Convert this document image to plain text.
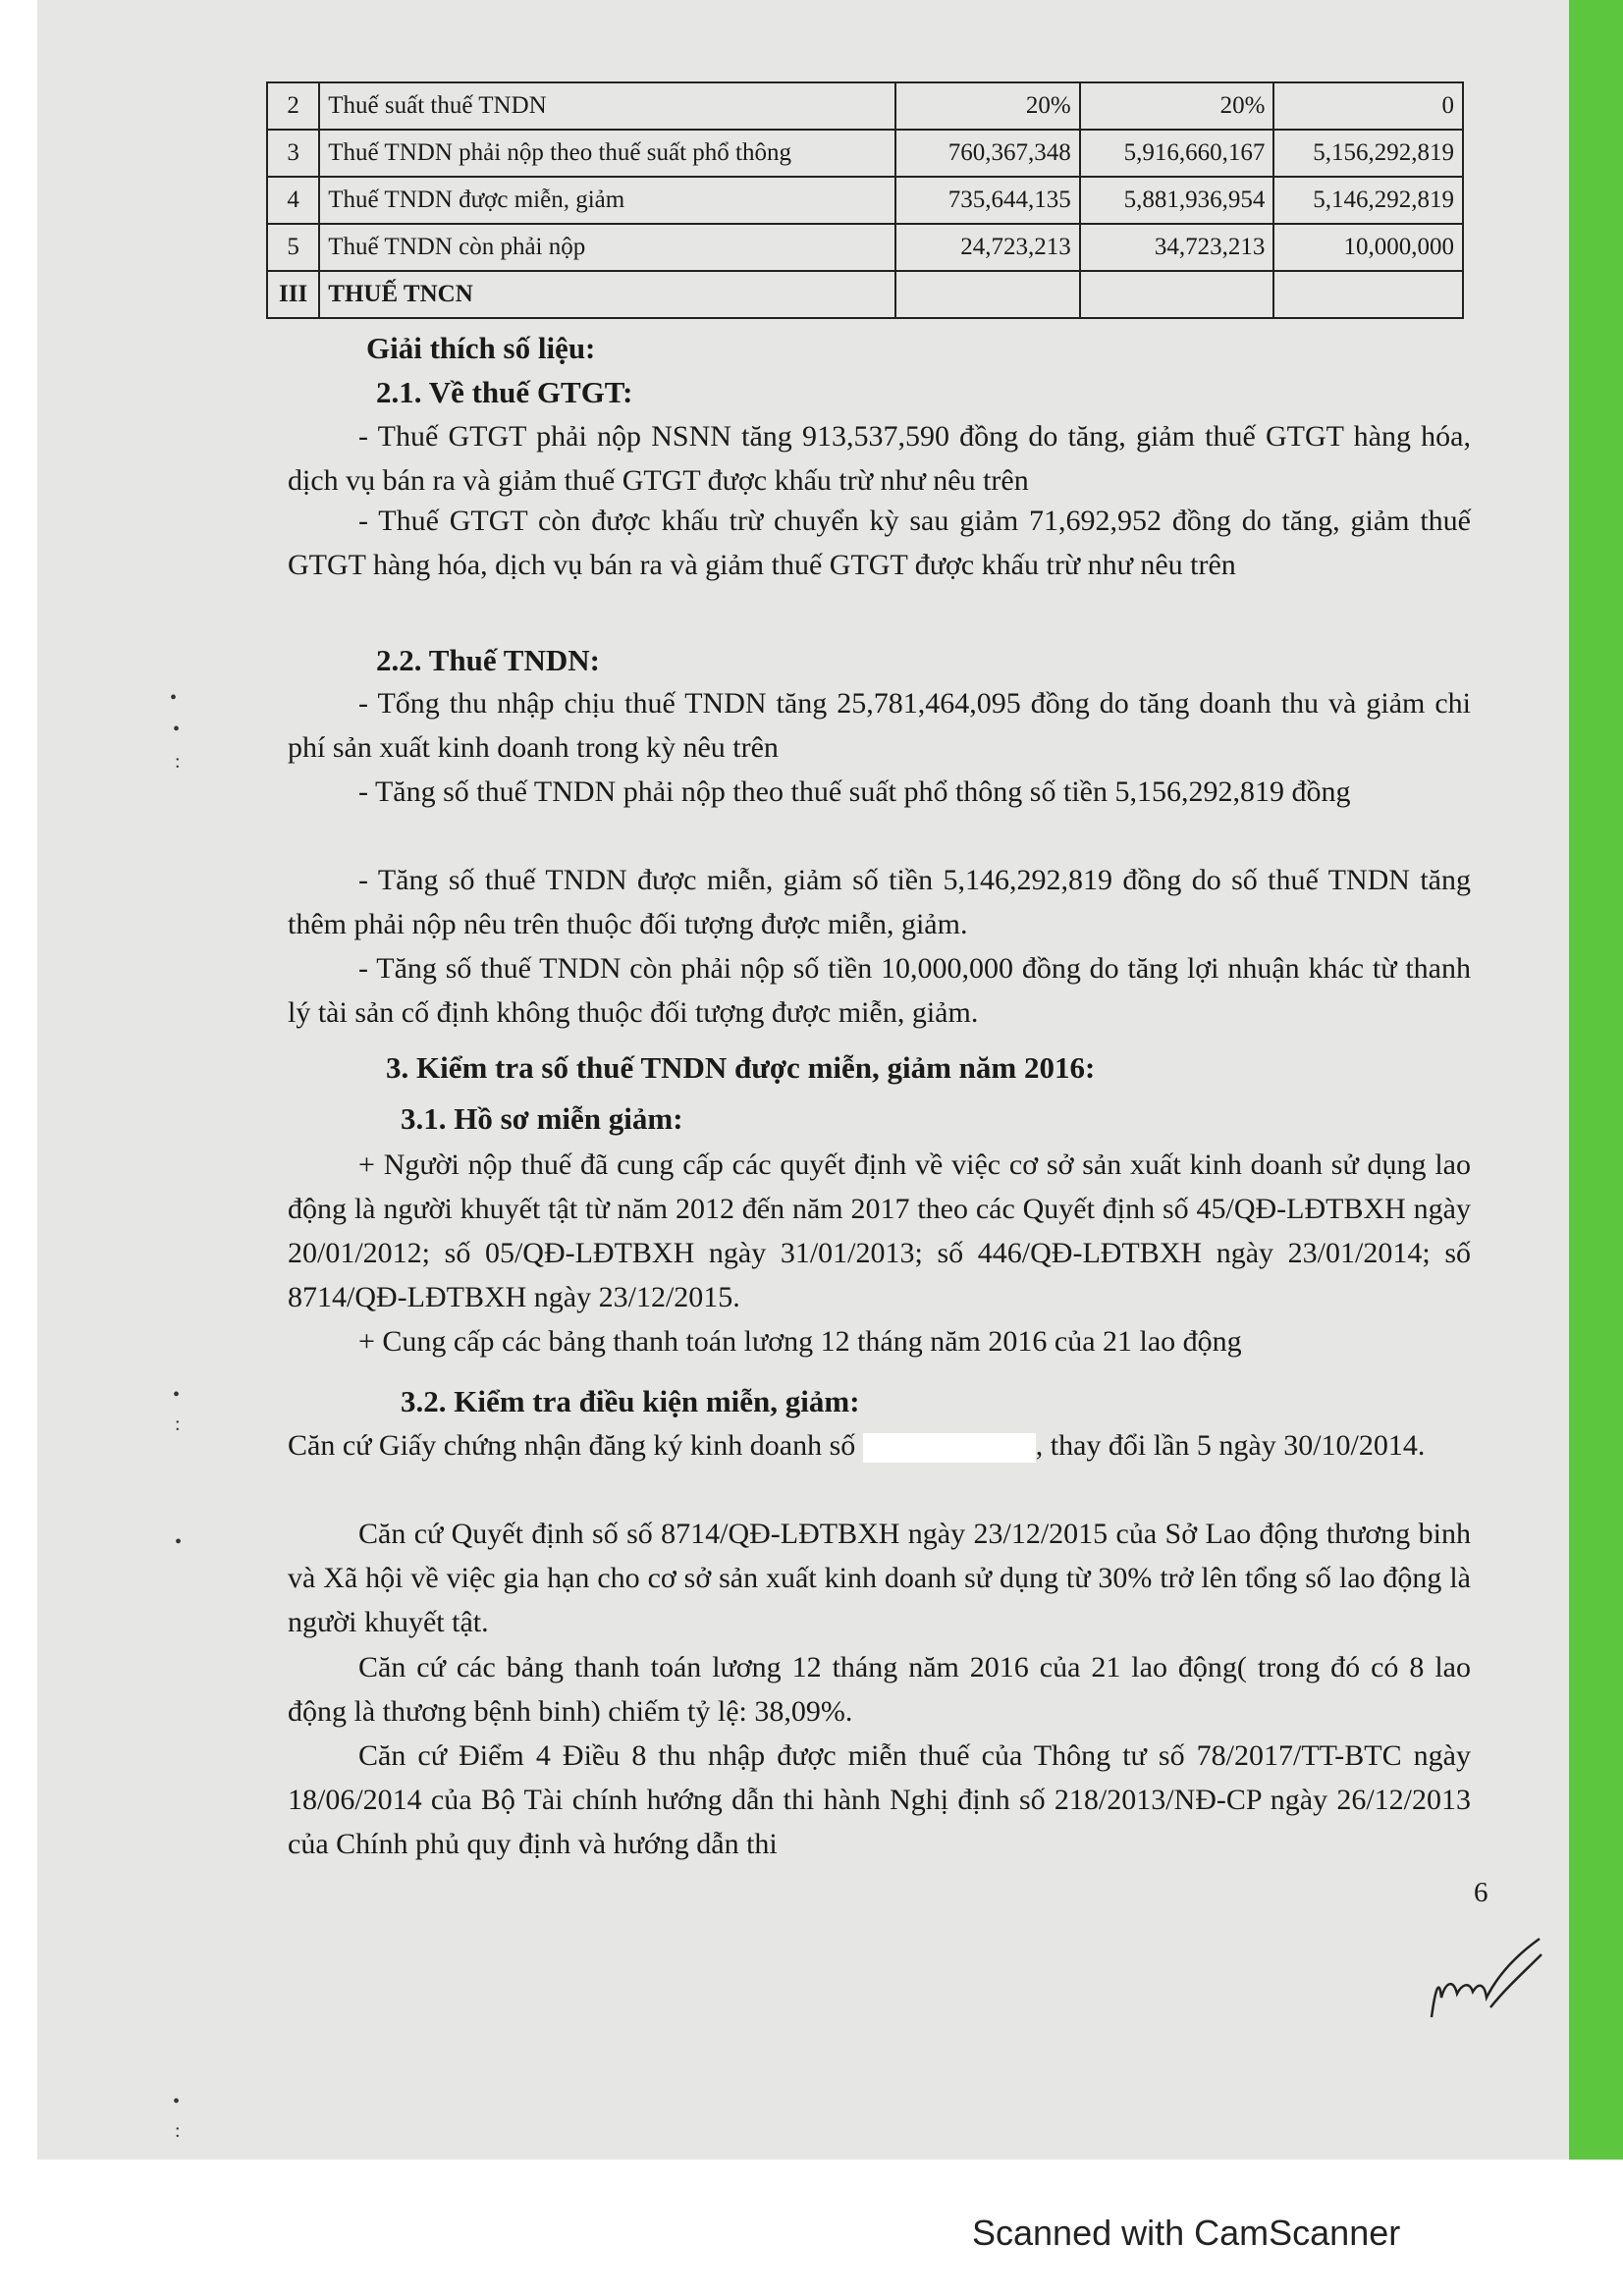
•
•
:
•
:
•
•
:
2	Thuế suất thuế TNDN	20%	20%	0
3	Thuế TNDN phải nộp theo thuế suất phổ thông	760,367,348	5,916,660,167	5,156,292,819
4	Thuế TNDN được miễn, giảm	735,644,135	5,881,936,954	5,146,292,819
5	Thuế TNDN còn phải nộp	24,723,213	34,723,213	10,000,000
III	THUẾ TNCN			
Giải thích số liệu:
2.1. Về thuế GTGT:
- Thuế GTGT phải nộp NSNN tăng 913,537,590 đồng do tăng, giảm thuế GTGT hàng hóa, dịch vụ bán ra và giảm thuế GTGT được khấu trừ như nêu trên
- Thuế GTGT còn được khấu trừ chuyển kỳ sau giảm 71,692,952 đồng do tăng, giảm thuế GTGT hàng hóa, dịch vụ bán ra và giảm thuế GTGT được khấu trừ như nêu trên
2.2. Thuế TNDN:
- Tổng thu nhập chịu thuế TNDN tăng 25,781,464,095 đồng do tăng doanh thu và giảm chi phí sản xuất kinh doanh trong kỳ nêu trên
- Tăng số thuế TNDN phải nộp theo thuế suất phổ thông số tiền 5,156,292,819 đồng
- Tăng số thuế TNDN được miễn, giảm số tiền 5,146,292,819 đồng do số thuế TNDN tăng thêm phải nộp nêu trên thuộc đối tượng được miễn, giảm.
- Tăng số thuế TNDN còn phải nộp số tiền 10,000,000 đồng do tăng lợi nhuận khác từ thanh lý tài sản cố định không thuộc đối tượng được miễn, giảm.
3. Kiểm tra số thuế TNDN được miễn, giảm năm 2016:
3.1. Hồ sơ miễn giảm:
+ Người nộp thuế đã cung cấp các quyết định về việc cơ sở sản xuất kinh doanh sử dụng lao động là người khuyết tật từ năm 2012 đến năm 2017 theo các Quyết định số 45/QĐ-LĐTBXH ngày 20/01/2012; số 05/QĐ-LĐTBXH ngày 31/01/2013; số 446/QĐ-LĐTBXH ngày 23/01/2014; số 8714/QĐ-LĐTBXH ngày 23/12/2015.
+ Cung cấp các bảng thanh toán lương 12 tháng năm 2016 của 21 lao động
3.2. Kiểm tra điều kiện miễn, giảm:
Căn cứ Giấy chứng nhận đăng ký kinh doanh số	, thay đổi lần 5 ngày 30/10/2014.
Căn cứ Quyết định số số 8714/QĐ-LĐTBXH ngày 23/12/2015 của Sở Lao động thương binh và Xã hội về việc gia hạn cho cơ sở sản xuất kinh doanh sử dụng từ 30% trở lên tổng số lao động là người khuyết tật.
Căn cứ các bảng thanh toán lương 12 tháng năm 2016 của 21 lao động( trong đó có 8 lao động là thương bệnh binh) chiếm tỷ lệ: 38,09%.
Căn cứ Điểm 4 Điều 8 thu nhập được miễn thuế của Thông tư số 78/2017/TT-BTC ngày 18/06/2014 của Bộ Tài chính hướng dẫn thi hành Nghị định số 218/2013/NĐ-CP ngày 26/12/2013 của Chính phủ quy định và hướng dẫn thi
6
Scanned with CamScanner
